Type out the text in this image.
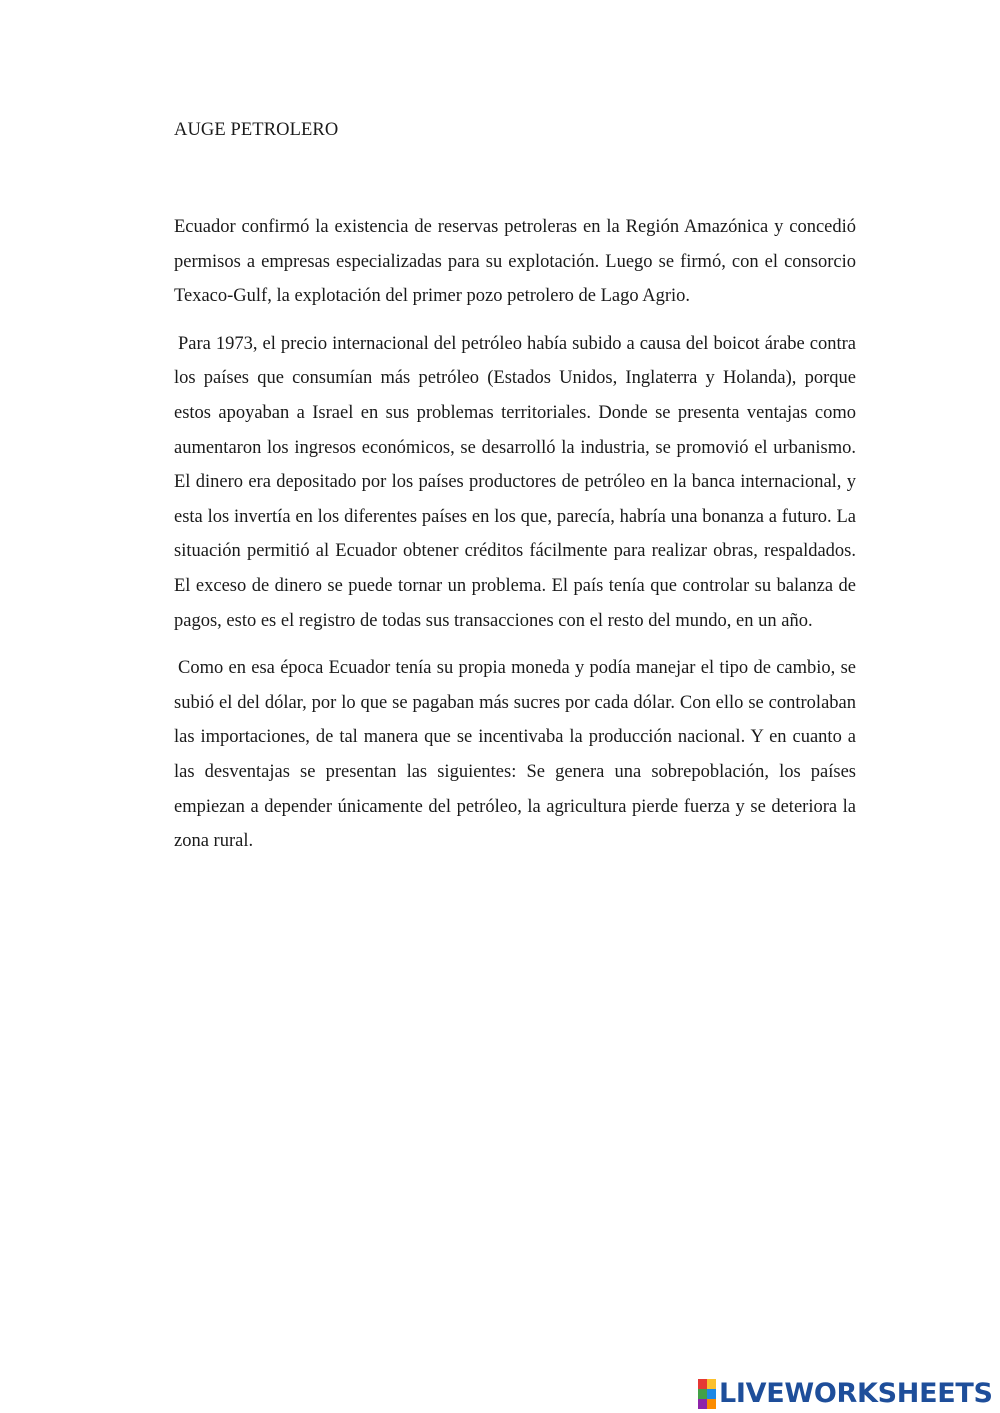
AUGE PETROLERO

Ecuador confirmó la existencia de reservas petroleras en la Región Amazónica y concedió permisos a empresas especializadas para su explotación. Luego se firmó, con el consorcio Texaco-Gulf, la explotación del primer pozo petrolero de Lago Agrio.

Para 1973, el precio internacional del petróleo había subido a causa del boicot árabe contra los países que consumían más petróleo (Estados Unidos, Inglaterra y Holanda), porque estos apoyaban a Israel en sus problemas territoriales. Donde se presenta ventajas como aumentaron los ingresos económicos, se desarrolló la industria, se promovió el urbanismo. El dinero era depositado por los países productores de petróleo en la banca internacional, y esta los invertía en los diferentes países en los que, parecía, habría una bonanza a futuro. La situación permitió al Ecuador obtener créditos fácilmente para realizar obras, respaldados. El exceso de dinero se puede tornar un problema. El país tenía que controlar su balanza de pagos, esto es el registro de todas sus transacciones con el resto del mundo, en un año.

Como en esa época Ecuador tenía su propia moneda y podía manejar el tipo de cambio, se subió el del dólar, por lo que se pagaban más sucres por cada dólar. Con ello se controlaban las importaciones, de tal manera que se incentivaba la producción nacional. Y en cuanto a las desventajas se presentan las siguientes: Se genera una sobrepoblación, los países empiezan a depender únicamente del petróleo, la agricultura pierde fuerza y se deteriora la zona rural.

LIVEWORKSHEETS
